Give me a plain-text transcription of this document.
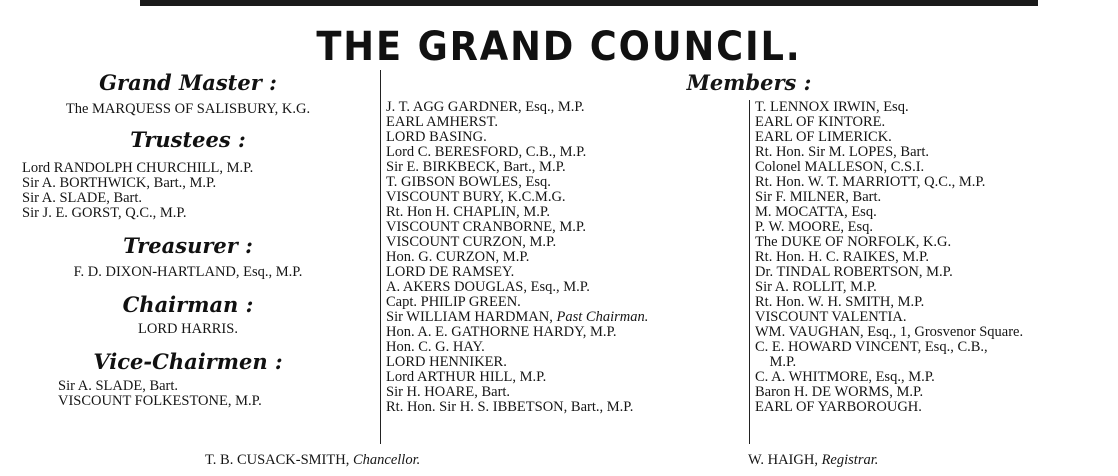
THE GRAND COUNCIL.
Grand Master :
The MARQUESS OF SALISBURY, K.G.
Trustees :
Lord RANDOLPH CHURCHILL, M.P.
Sir A. BORTHWICK, Bart., M.P.
Sir A. SLADE, Bart.
Sir J. E. GORST, Q.C., M.P.
Treasurer :
F. D. DIXON-HARTLAND, Esq., M.P.
Chairman :
LORD HARRIS.
Vice-Chairmen :
Sir A. SLADE, Bart.
VISCOUNT FOLKESTONE, M.P.
Members :
J. T. AGG GARDNER, Esq., M.P.
EARL AMHERST.
LORD BASING.
Lord C. BERESFORD, C.B., M.P.
Sir E. BIRKBECK, Bart., M.P.
T. GIBSON BOWLES, Esq.
VISCOUNT BURY, K.C.M.G.
Rt. Hon H. CHAPLIN, M.P.
VISCOUNT CRANBORNE, M.P.
VISCOUNT CURZON, M.P.
Hon. G. CURZON, M.P.
LORD DE RAMSEY.
A. AKERS DOUGLAS, Esq., M.P.
Capt. PHILIP GREEN.
Sir WILLIAM HARDMAN, Past Chairman.
Hon. A. E. GATHORNE HARDY, M.P.
Hon. C. G. HAY.
LORD HENNIKER.
Lord ARTHUR HILL, M.P.
Sir H. HOARE, Bart.
Rt. Hon. Sir H. S. IBBETSON, Bart., M.P.
T. LENNOX IRWIN, Esq.
EARL OF KINTORE.
EARL OF LIMERICK.
Rt. Hon. Sir M. LOPES, Bart.
Colonel MALLESON, C.S.I.
Rt. Hon. W. T. MARRIOTT, Q.C., M.P.
Sir F. MILNER, Bart.
M. MOCATTA, Esq.
P. W. MOORE, Esq.
The DUKE OF NORFOLK, K.G.
Rt. Hon. H. C. RAIKES, M.P.
Dr. TINDAL ROBERTSON, M.P.
Sir A. ROLLIT, M.P.
Rt. Hon. W. H. SMITH, M.P.
VISCOUNT VALENTIA.
WM. VAUGHAN, Esq., 1, Grosvenor Square.
C. E. HOWARD VINCENT, Esq., C.B.,
M.P.
C. A. WHITMORE, Esq., M.P.
Baron H. DE WORMS, M.P.
EARL OF YARBOROUGH.
T. B. CUSACK-SMITH, Chancellor.	W. HAIGH, Registrar.
